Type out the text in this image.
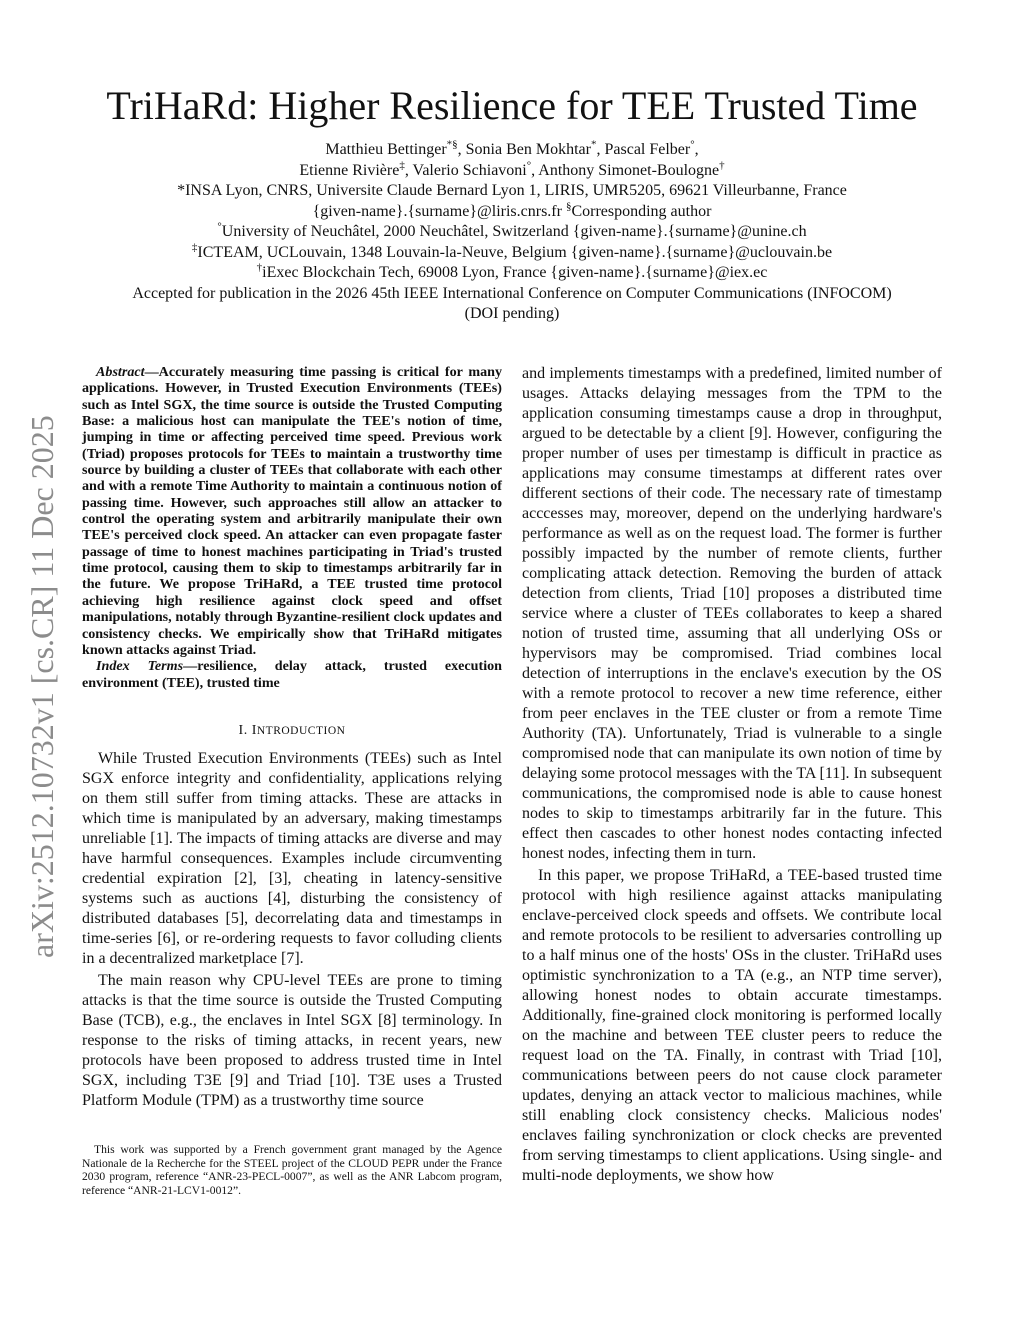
arXiv:2512.10732v1 [cs.CR] 11 Dec 2025
TriHaRd: Higher Resilience for TEE Trusted Time
Matthieu Bettinger*§, Sonia Ben Mokhtar*, Pascal Felber°,
Etienne Rivière‡, Valerio Schiavoni°, Anthony Simonet-Boulogne†
*INSA Lyon, CNRS, Universite Claude Bernard Lyon 1, LIRIS, UMR5205, 69621 Villeurbanne, France
{given-name}.{surname}@liris.cnrs.fr §Corresponding author
°University of Neuchâtel, 2000 Neuchâtel, Switzerland {given-name}.{surname}@unine.ch
‡ICTEAM, UCLouvain, 1348 Louvain-la-Neuve, Belgium {given-name}.{surname}@uclouvain.be
†iExec Blockchain Tech, 69008 Lyon, France {given-name}.{surname}@iex.ec
Accepted for publication in the 2026 45th IEEE International Conference on Computer Communications (INFOCOM)
(DOI pending)

Abstract—Accurately measuring time passing is critical for many applications. However, in Trusted Execution Environments (TEEs) such as Intel SGX, the time source is outside the Trusted Computing Base: a malicious host can manipulate the TEE's notion of time, jumping in time or affecting perceived time speed. Previous work (Triad) proposes protocols for TEEs to maintain a trustworthy time source by building a cluster of TEEs that collaborate with each other and with a remote Time Authority to maintain a continuous notion of passing time. However, such approaches still allow an attacker to control the operating system and arbitrarily manipulate their own TEE's perceived clock speed. An attacker can even propagate faster passage of time to honest machines participating in Triad's trusted time protocol, causing them to skip to timestamps arbitrarily far in the future. We propose TriHaRd, a TEE trusted time protocol achieving high resilience against clock speed and offset manipulations, notably through Byzantine-resilient clock updates and consistency checks. We empirically show that TriHaRd mitigates known attacks against Triad.

Index Terms—resilience, delay attack, trusted execution environment (TEE), trusted time

I. INTRODUCTION

While Trusted Execution Environments (TEEs) such as Intel SGX enforce integrity and confidentiality, applications relying on them still suffer from timing attacks. These are attacks in which time is manipulated by an adversary, making timestamps unreliable [1]. The impacts of timing attacks are diverse and may have harmful consequences. Examples include circumventing credential expiration [2], [3], cheating in latency-sensitive systems such as auctions [4], disturbing the consistency of distributed databases [5], decorrelating data and timestamps in time-series [6], or re-ordering requests to favor colluding clients in a decentralized marketplace [7].

The main reason why CPU-level TEEs are prone to timing attacks is that the time source is outside the Trusted Computing Base (TCB), e.g., the enclaves in Intel SGX [8] terminology. In response to the risks of timing attacks, in recent years, new protocols have been proposed to address trusted time in Intel SGX, including T3E [9] and Triad [10]. T3E uses a Trusted Platform Module (TPM) as a trustworthy time source

This work was supported by a French government grant managed by the Agence Nationale de la Recherche for the STEEL project of the CLOUD PEPR under the France 2030 program, reference “ANR-23-PECL-0007”, as well as the ANR Labcom program, reference “ANR-21-LCV1-0012”.

and implements timestamps with a predefined, limited number of usages. Attacks delaying messages from the TPM to the application consuming timestamps cause a drop in throughput, argued to be detectable by a client [9]. However, configuring the proper number of uses per timestamp is difficult in practice as applications may consume timestamps at different rates over different sections of their code. The necessary rate of timestamp acccesses may, moreover, depend on the underlying hardware's performance as well as on the request load. The former is further possibly impacted by the number of remote clients, further complicating attack detection. Removing the burden of attack detection from clients, Triad [10] proposes a distributed time service where a cluster of TEEs collaborates to keep a shared notion of trusted time, assuming that all underlying OSs or hypervisors may be compromised. Triad combines local detection of interruptions in the enclave's execution by the OS with a remote protocol to recover a new time reference, either from peer enclaves in the TEE cluster or from a remote Time Authority (TA). Unfortunately, Triad is vulnerable to a single compromised node that can manipulate its own notion of time by delaying some protocol messages with the TA [11]. In subsequent communications, the compromised node is able to cause honest nodes to skip to timestamps arbitrarily far in the future. This effect then cascades to other honest nodes contacting infected honest nodes, infecting them in turn.

In this paper, we propose TriHaRd, a TEE-based trusted time protocol with high resilience against attacks manipulating enclave-perceived clock speeds and offsets. We contribute local and remote protocols to be resilient to adversaries controlling up to a half minus one of the hosts' OSs in the cluster. TriHaRd uses optimistic synchronization to a TA (e.g., an NTP time server), allowing honest nodes to obtain accurate timestamps. Additionally, fine-grained clock monitoring is performed locally on the machine and between TEE cluster peers to reduce the request load on the TA. Finally, in contrast with Triad [10], communications between peers do not cause clock parameter updates, denying an attack vector to malicious machines, while still enabling clock consistency checks. Malicious nodes' enclaves failing synchronization or clock checks are prevented from serving timestamps to client applications. Using single- and multi-node deployments, we show how
